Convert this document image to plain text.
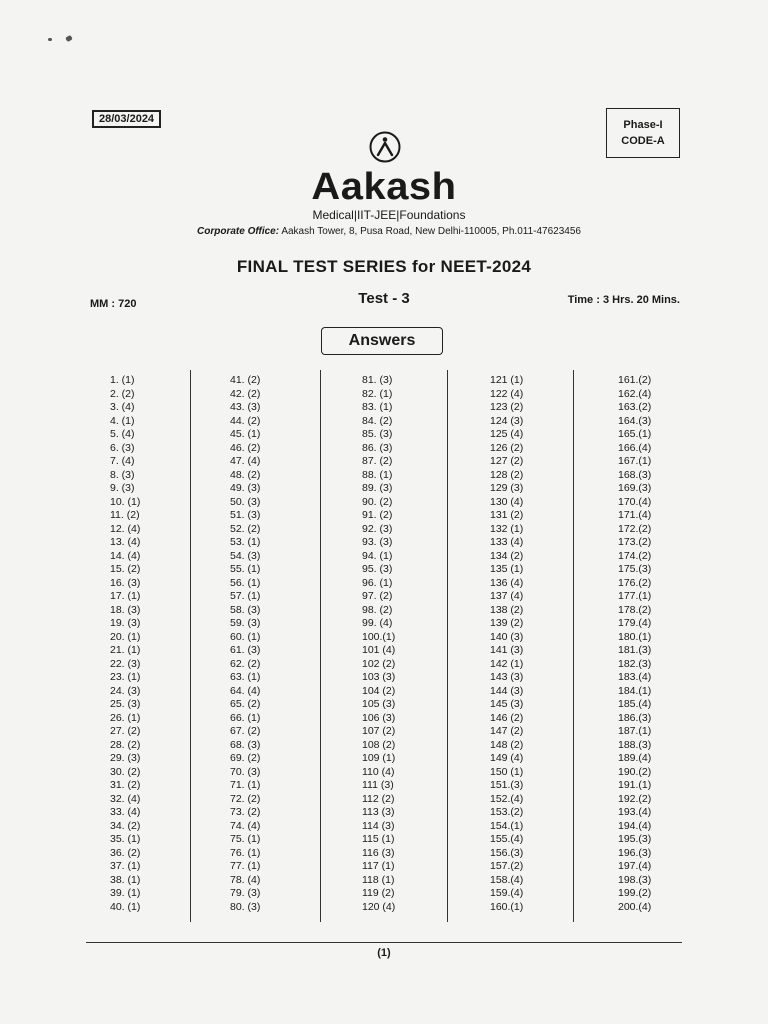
28/03/2024	Phase-I
CODE-A
Aakash
Medical|IIT-JEE|Foundations
Corporate Office: Aakash Tower, 8, Pusa Road, New Delhi-110005, Ph.011-47623456
FINAL TEST SERIES for NEET-2024
MM : 720	Test - 3	Time : 3 Hrs. 20 Mins.
Answers
1. (1)
2. (2)
3. (4)
4. (1)
5. (4)
6. (3)
7. (4)
8. (3)
9. (3)
10. (1)
11. (2)
12. (4)
13. (4)
14. (4)
15. (2)
16. (3)
17. (1)
18. (3)
19. (3)
20. (1)
21. (1)
22. (3)
23. (1)
24. (3)
25. (3)
26. (1)
27. (2)
28. (2)
29. (3)
30. (2)
31. (2)
32. (4)
33. (4)
34. (2)
35. (1)
36. (2)
37. (1)
38. (1)
39. (1)
40. (1)
41. (2)
42. (2)
43. (3)
44. (2)
45. (1)
46. (2)
47. (4)
48. (2)
49. (3)
50. (3)
51. (3)
52. (2)
53. (1)
54. (3)
55. (1)
56. (1)
57. (1)
58. (3)
59. (3)
60. (1)
61. (3)
62. (2)
63. (1)
64. (4)
65. (2)
66. (1)
67. (2)
68. (3)
69. (2)
70. (3)
71. (1)
72. (2)
73. (2)
74. (4)
75. (1)
76. (1)
77. (1)
78. (4)
79. (3)
80. (3)
81. (3)
82. (1)
83. (1)
84. (2)
85. (3)
86. (3)
87. (2)
88. (1)
89. (3)
90. (2)
91. (2)
92. (3)
93. (3)
94. (1)
95. (3)
96. (1)
97. (2)
98. (2)
99. (4)
100.(1)
101 (4)
102 (2)
103 (3)
104 (2)
105 (3)
106 (3)
107 (2)
108 (2)
109 (1)
110 (4)
111 (3)
112 (2)
113 (3)
114 (3)
115 (1)
116 (3)
117 (1)
118 (1)
119 (2)
120 (4)
121 (1)
122 (4)
123 (2)
124 (3)
125 (4)
126 (2)
127 (2)
128 (2)
129 (3)
130 (4)
131 (2)
132 (1)
133 (4)
134 (2)
135 (1)
136 (4)
137 (4)
138 (2)
139 (2)
140 (3)
141 (3)
142 (1)
143 (3)
144 (3)
145 (3)
146 (2)
147 (2)
148 (2)
149 (4)
150 (1)
151.(3)
152.(4)
153.(2)
154.(1)
155.(4)
156.(3)
157.(2)
158.(4)
159.(4)
160.(1)
161.(2)
162.(4)
163.(2)
164.(3)
165.(1)
166.(4)
167.(1)
168.(3)
169.(3)
170.(4)
171.(4)
172.(2)
173.(2)
174.(2)
175.(3)
176.(2)
177.(1)
178.(2)
179.(4)
180.(1)
181.(3)
182.(3)
183.(4)
184.(1)
185.(4)
186.(3)
187.(1)
188.(3)
189.(4)
190.(2)
191.(1)
192.(2)
193.(4)
194.(4)
195.(3)
196.(3)
197.(4)
198.(3)
199.(2)
200.(4)
(1)
